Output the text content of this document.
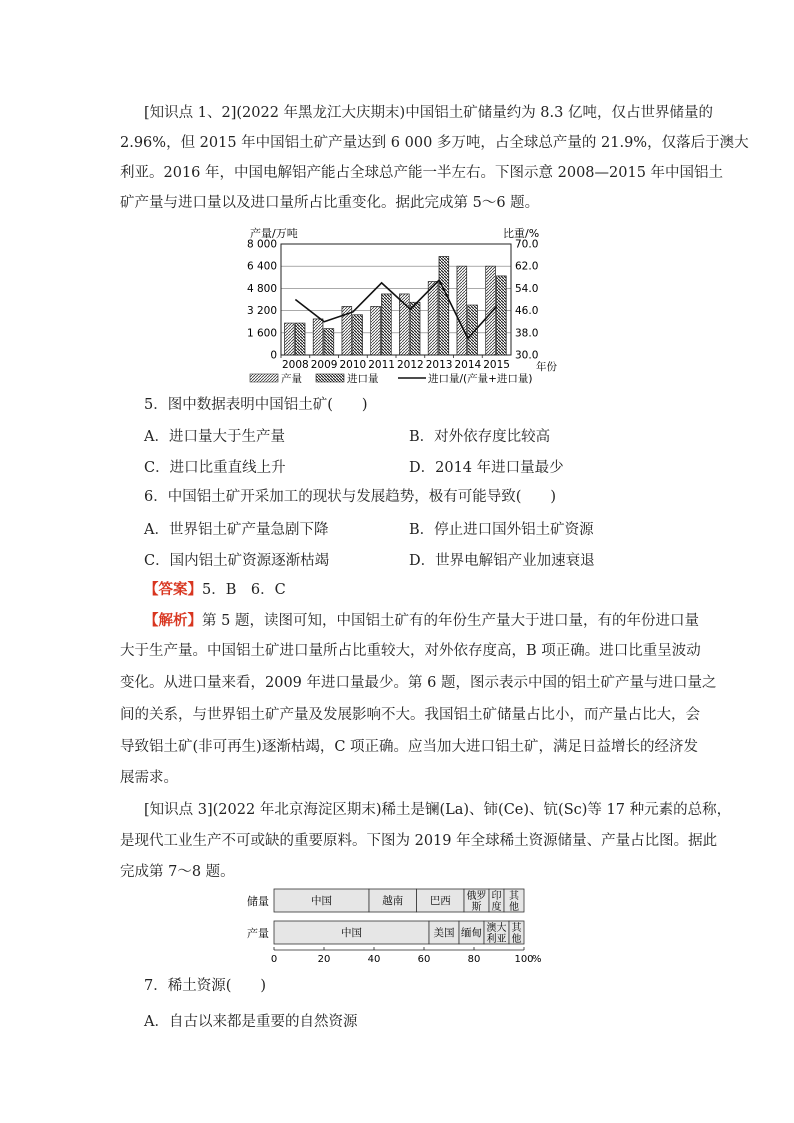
[知识点 1、2](2022 年黑龙江大庆期末)中国铝土矿储量约为 8.3 亿吨，仅占世界储量的
2.96%，但 2015 年中国铝土矿产量达到 6 000 多万吨，占全球总产量的 21.9%，仅落后于澳大
利亚。2016 年，中国电解铝产能占全球总产能一半左右。下图示意 2008—2015 年中国铝土
矿产量与进口量以及进口量所占比重变化。据此完成第 5～6 题。
产量/万吨	比重/%
0
1 600
3 200
4 800
6 400
8 000
30.0
38.0
46.0
54.0
62.0
70.0
2008 2009 2010 2011 2012 2013 2014 2015 年份
产量	进口量	进口量/(产量+进口量)
5．图中数据表明中国铝土矿(　　)
A．进口量大于生产量	B．对外依存度比较高
C．进口比重直线上升	D．2014 年进口量最少
6．中国铝土矿开采加工的现状与发展趋势，极有可能导致(　　)
A．世界铝土矿产量急剧下降	B．停止进口国外铝土矿资源
C．国内铝土矿资源逐渐枯竭	D．世界电解铝产业加速衰退
【答案】5．B　6．C
【解析】第 5 题，读图可知，中国铝土矿有的年份生产量大于进口量，有的年份进口量
大于生产量。中国铝土矿进口量所占比重较大，对外依存度高，B 项正确。进口比重呈波动
变化。从进口量来看，2009 年进口量最少。第 6 题，图示表示中国的铝土矿产量与进口量之
间的关系，与世界铝土矿产量及发展影响不大。我国铝土矿储量占比小，而产量占比大，会
导致铝土矿(非可再生)逐渐枯竭，C 项正确。应当加大进口铝土矿，满足日益增长的经济发
展需求。
[知识点 3](2022 年北京海淀区期末)稀土是镧(La)、铈(Ce)、钪(Sc)等 17 种元素的总称，
是现代工业生产不可或缺的重要原料。下图为 2019 年全球稀土资源储量、产量占比图。据此
完成第 7～8 题。
储量
产量
中国	越南	巴西 俄罗
斯
印
度
其
他
中国	美国 缅甸 澳大
利亚
其
他
0	20	40	60	80	100
%
7．稀土资源(　　)
A．自古以来都是重要的自然资源
